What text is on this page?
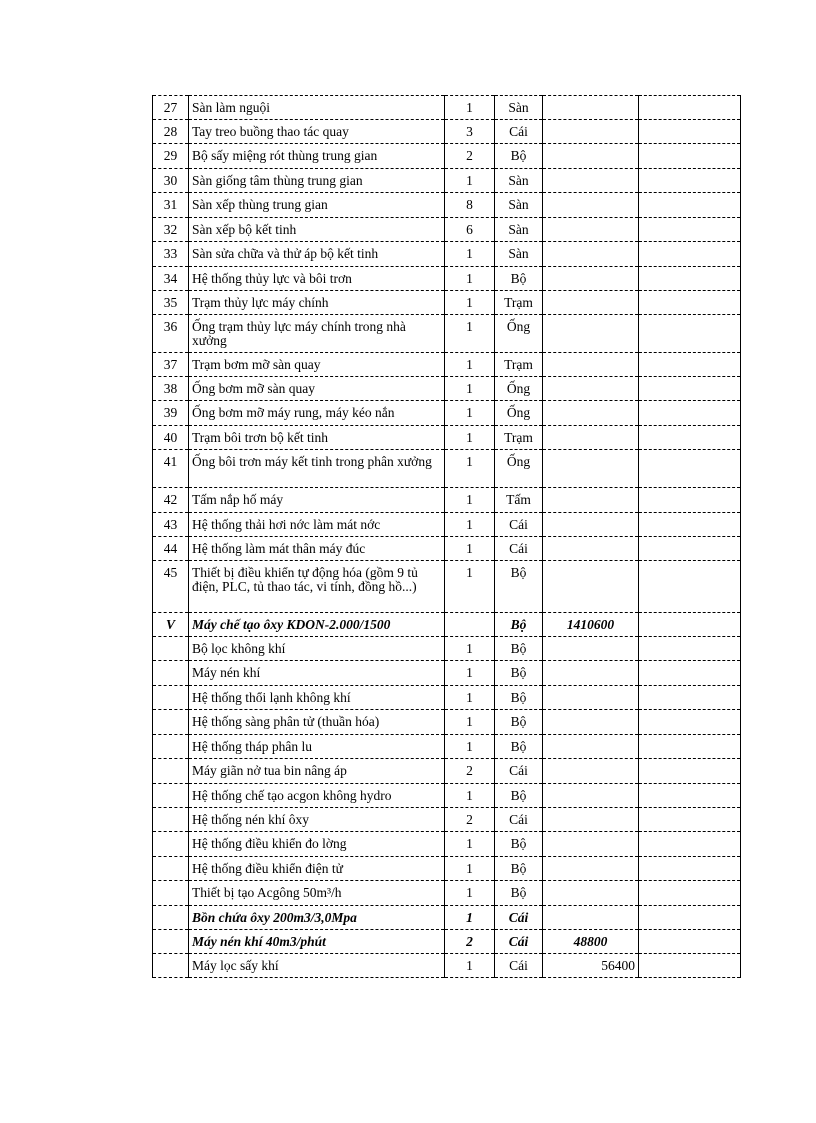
27	Sàn làm nguội	1	Sàn		

28	Tay treo buồng thao tác quay	3	Cái		

29	Bộ sấy miệng rót thùng trung gian	2	Bộ		

30	Sàn giống tâm thùng trung gian	1	Sàn		

31	Sàn xếp thùng trung gian	8	Sàn		

32	Sàn xếp bộ kết tinh	6	Sàn		

33	Sàn sửa chữa và thử áp bộ kết tinh	1	Sàn		

34	Hệ thống thủy lực và bôi trơn	1	Bộ		

35	Trạm thủy lực máy chính	1	Trạm		

36	Ống trạm thủy lực máy chính trong nhà xưởng	1	Ống		

37	Trạm bơm mỡ sàn quay	1	Trạm		

38	Ống bơm mỡ sàn quay	1	Ống		

39	Ống bơm mỡ máy rung, máy kéo nắn	1	Ống		

40	Trạm bôi trơn bộ kết tinh	1	Trạm		

41	Ống bôi trơn máy kết tinh trong phân xưởng	1	Ống		

42	Tấm nắp hố máy	1	Tấm		

43	Hệ thống thải hơi nớc làm mát nớc	1	Cái		

44	Hệ thống làm mát thân máy đúc	1	Cái		

45	Thiết bị điều khiển tự động hóa (gồm 9 tủ điện, PLC, tủ thao tác, vi tính, đồng hồ...)	1	Bộ		

V	Máy chế tạo ôxy KDON-2.000/1500		Bộ	1410600	

	Bộ lọc không khí	1	Bộ		

	Máy nén khí	1	Bộ		

	Hệ thống thổi lạnh không khí	1	Bộ		

	Hệ thống sàng phân tử (thuần hóa)	1	Bộ		

	Hệ thống tháp phân lu	1	Bộ		

	Máy giãn nở tua bin nâng áp	2	Cái		

	Hệ thống chế tạo acgon không hydro	1	Bộ		

	Hệ thống nén khí ôxy	2	Cái		

	Hệ thống điều khiển đo lờng	1	Bộ		

	Hệ thống điều khiển điện tử	1	Bộ		

	Thiết bị tạo Acgông 50m³/h	1	Bộ		

	Bồn chứa ôxy 200m3/3,0Mpa	1	Cái		

	Máy nén khí 40m3/phút	2	Cái	48800	

	Máy lọc sấy khí	1	Cái	56400	
